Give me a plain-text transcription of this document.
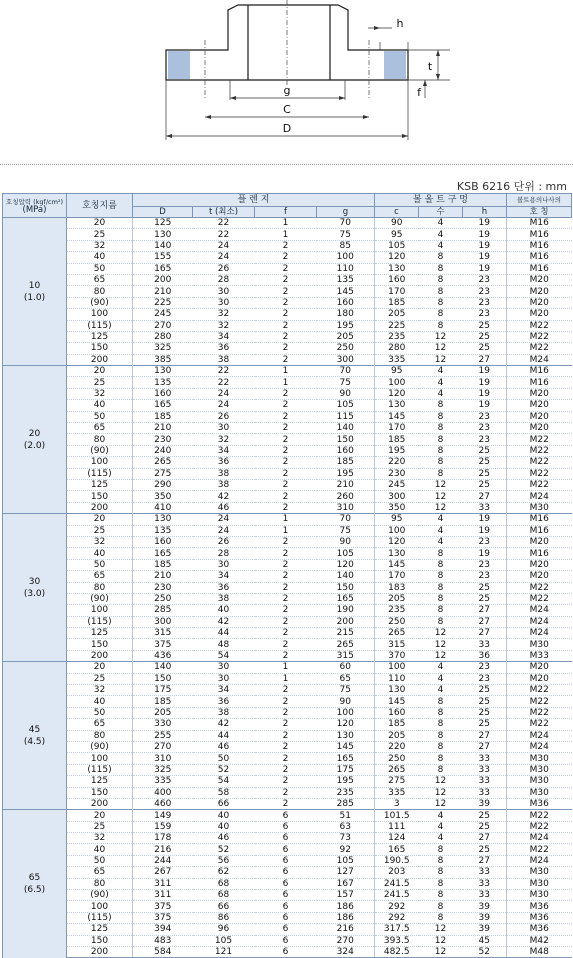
h
t
f
g
C
D
KSB 6216 단위 : mm
호칭압력 (kgf/cm²)
(MPa)	호칭지름	플 렌 지				볼 올 트 구 멍			볼트용의나사의
		D	t (최소)	f	g	c	수	h	호 칭
10
(1.0)	20	125	22	1	70	90	4	19	M16
	25	130	22	1	75	95	4	19	M16
	32	140	24	2	85	105	4	19	M16
	40	155	24	2	100	120	8	19	M16
	50	165	26	2	110	130	8	19	M16
	65	200	28	2	135	160	8	23	M20
	80	210	30	2	145	170	8	23	M20
	(90)	225	30	2	160	185	8	23	M20
	100	245	32	2	180	205	8	23	M20
	(115)	270	32	2	195	225	8	25	M22
	125	280	34	2	205	235	12	25	M22
	150	325	36	2	250	280	12	25	M22
	200	385	38	2	300	335	12	27	M24
20
(2.0)	20	130	22	1	70	95	4	19	M16
	25	135	22	1	75	100	4	19	M16
	32	160	24	2	90	120	4	19	M20
	40	165	24	2	105	130	8	19	M20
	50	185	26	2	115	145	8	23	M20
	65	210	30	2	140	170	8	23	M20
	80	230	32	2	150	185	8	23	M22
	(90)	240	34	2	160	195	8	25	M22
	100	265	36	2	185	220	8	25	M22
	(115)	275	38	2	195	230	8	25	M22
	125	290	38	2	210	245	12	25	M22
	150	350	42	2	260	300	12	27	M24
	200	410	46	2	310	350	12	33	M30
30
(3.0)	20	130	24	1	70	95	4	19	M16
	25	135	24	1	75	100	4	19	M16
	32	160	26	2	90	120	4	23	M20
	40	165	28	2	105	130	8	19	M16
	50	185	30	2	120	145	8	23	M20
	65	210	34	2	140	170	8	23	M20
	80	230	36	2	150	183	8	25	M22
	(90)	250	38	2	165	205	8	25	M22
	100	285	40	2	190	235	8	27	M24
	(115)	300	42	2	200	250	8	27	M24
	125	315	44	2	215	265	12	27	M24
	150	375	48	2	265	315	12	33	M30
	200	436	54	2	315	370	12	36	M33
45
(4.5)	20	140	30	1	60	100	4	23	M20
	25	150	30	1	65	110	4	23	M20
	32	175	34	2	75	130	4	25	M22
	40	185	36	2	90	145	8	25	M22
	50	205	38	2	100	160	8	25	M22
	65	330	42	2	120	185	8	25	M22
	80	255	44	2	130	205	8	27	M24
	(90)	270	46	2	145	220	8	27	M24
	100	310	50	2	165	250	8	33	M30
	(115)	325	52	2	175	265	8	33	M30
	125	335	54	2	195	275	12	33	M30
	150	400	58	2	235	335	12	33	M30
	200	460	66	2	285	3	12	39	M36
65
(6.5)	20	149	40	6	51	101.5	4	25	M22
	25	159	40	6	63	111	4	25	M22
	32	178	46	6	73	124	4	27	M24
	40	216	52	6	92	165	8	25	M22
	50	244	56	6	105	190.5	8	27	M24
	65	267	62	6	127	203	8	33	M30
	80	311	68	6	167	241.5	8	33	M30
	(90)	311	68	6	157	241.5	8	33	M30
	100	375	66	6	186	292	8	39	M36
	(115)	375	86	6	186	292	8	39	M36
	125	394	96	6	216	317.5	12	39	M36
	150	483	105	6	270	393.5	12	45	M42
	200	584	121	6	324	482.5	12	52	M48
